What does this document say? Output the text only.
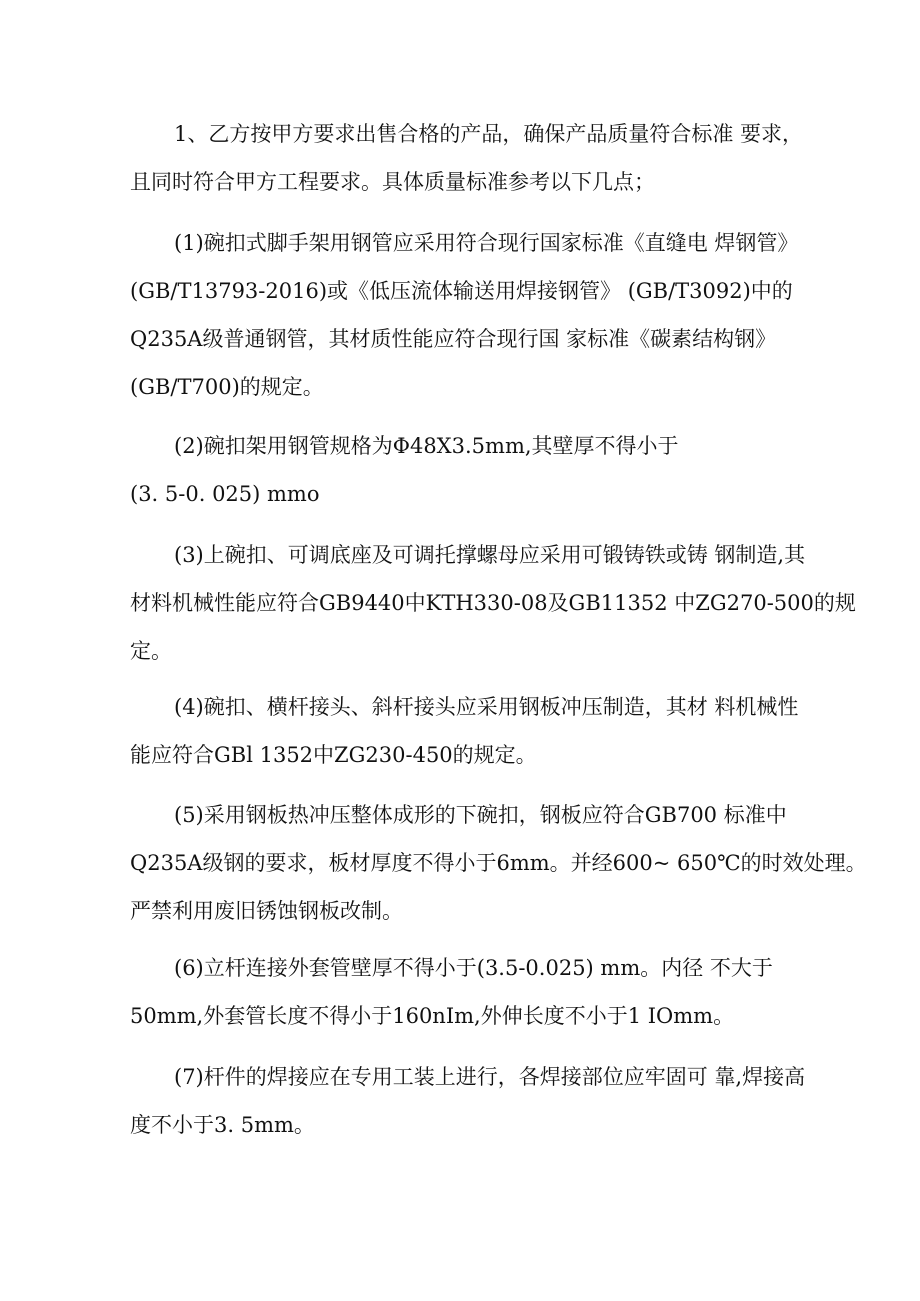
1、乙方按甲方要求出售合格的产品，确保产品质量符合标准 要求，
且同时符合甲方工程要求。具体质量标准参考以下几点；

(1)碗扣式脚手架用钢管应采用符合现行国家标准《直缝电 焊钢管》
(GB/T13793-2016)或《低压流体输送用焊接钢管》 (GB/T3092)中的
Q235A级普通钢管，其材质性能应符合现行国 家标准《碳素结构钢》
(GB/T700)的规定。

(2)碗扣架用钢管规格为Φ48X3.5mm,其壁厚不得小于
(3. 5-0. 025) mmo

(3)上碗扣、可调底座及可调托撑螺母应采用可锻铸铁或铸 钢制造,其
材料机械性能应符合GB9440中KTH330-08及GB11352 中ZG270-500的规
定。

(4)碗扣、横杆接头、斜杆接头应采用钢板冲压制造，其材 料机械性
能应符合GBl 1352中ZG230-450的规定。

(5)采用钢板热冲压整体成形的下碗扣，钢板应符合GB700 标准中
Q235A级钢的要求，板材厚度不得小于6mm。并经600~ 650℃的时效处理。
严禁利用废旧锈蚀钢板改制。

(6)立杆连接外套管壁厚不得小于(3.5-0.025) mm。内径 不大于
50mm,外套管长度不得小于160nIm,外伸长度不小于1 IOmm。

(7)杆件的焊接应在专用工装上进行，各焊接部位应牢固可 靠,焊接高
度不小于3. 5mm。
